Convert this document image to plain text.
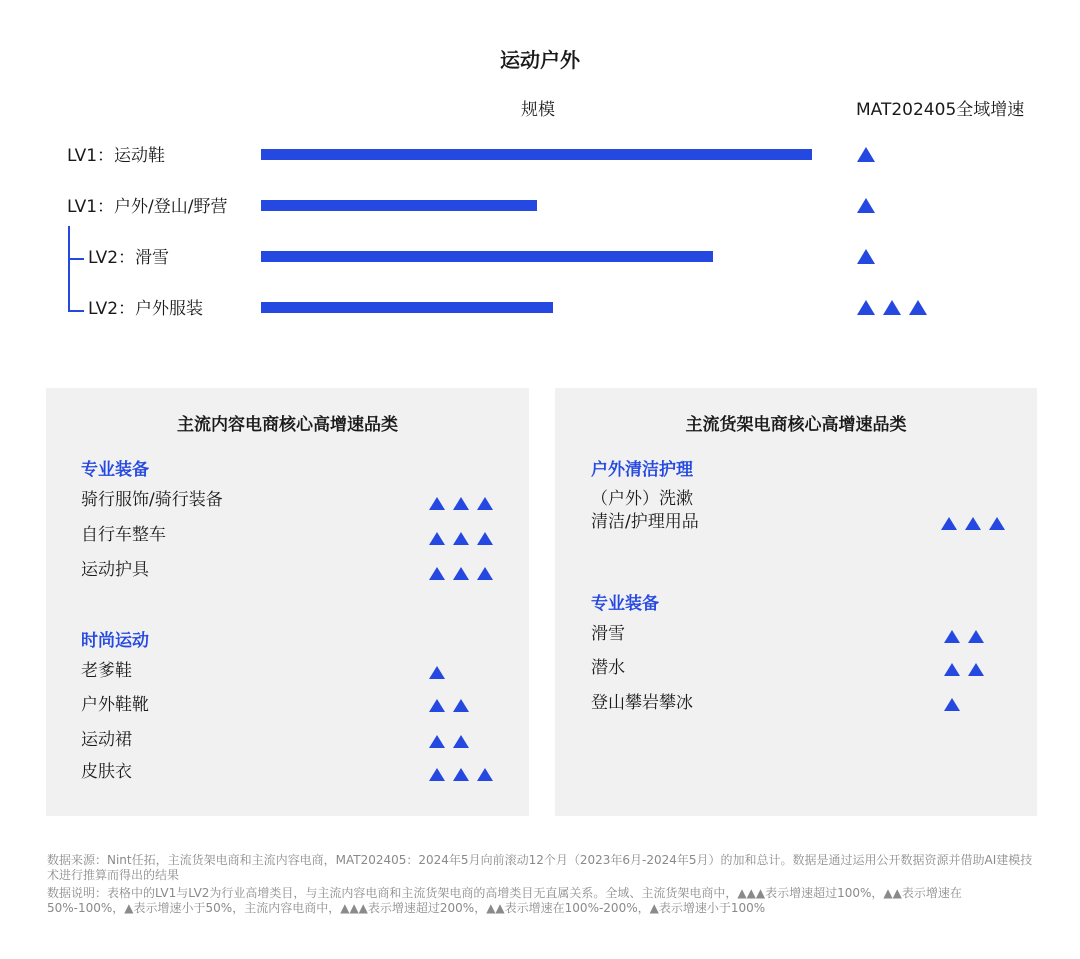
运动户外
规模	MAT202405全域增速
LV1：运动鞋
LV1：户外/登山/野营
LV2：滑雪
LV2：户外服装
主流内容电商核心高增速品类
专业装备
骑行服饰/骑行装备
自行车整车
运动护具
时尚运动
老爹鞋
户外鞋靴
运动裙
皮肤衣
主流货架电商核心高增速品类
户外清洁护理
（户外）洗漱
清洁/护理用品
专业装备
滑雪
潜水
登山攀岩攀冰

数据来源：Nint任拓，主流货架电商和主流内容电商，MAT202405：2024年5月向前滚动12个月（2023年6月-2024年5月）的加和总计。数据是通过运用公开数据资源并借助AI建模技术进行推算而得出的结果

数据说明：表格中的LV1与LV2为行业高增类目，与主流内容电商和主流货架电商的高增类目无直属关系。全域、主流货架电商中，▲▲▲表示增速超过100%，▲▲表示增速在50%-100%，▲表示增速小于50%，主流内容电商中，▲▲▲表示增速超过200%，▲▲表示增速在100%-200%，▲表示增速小于100%
